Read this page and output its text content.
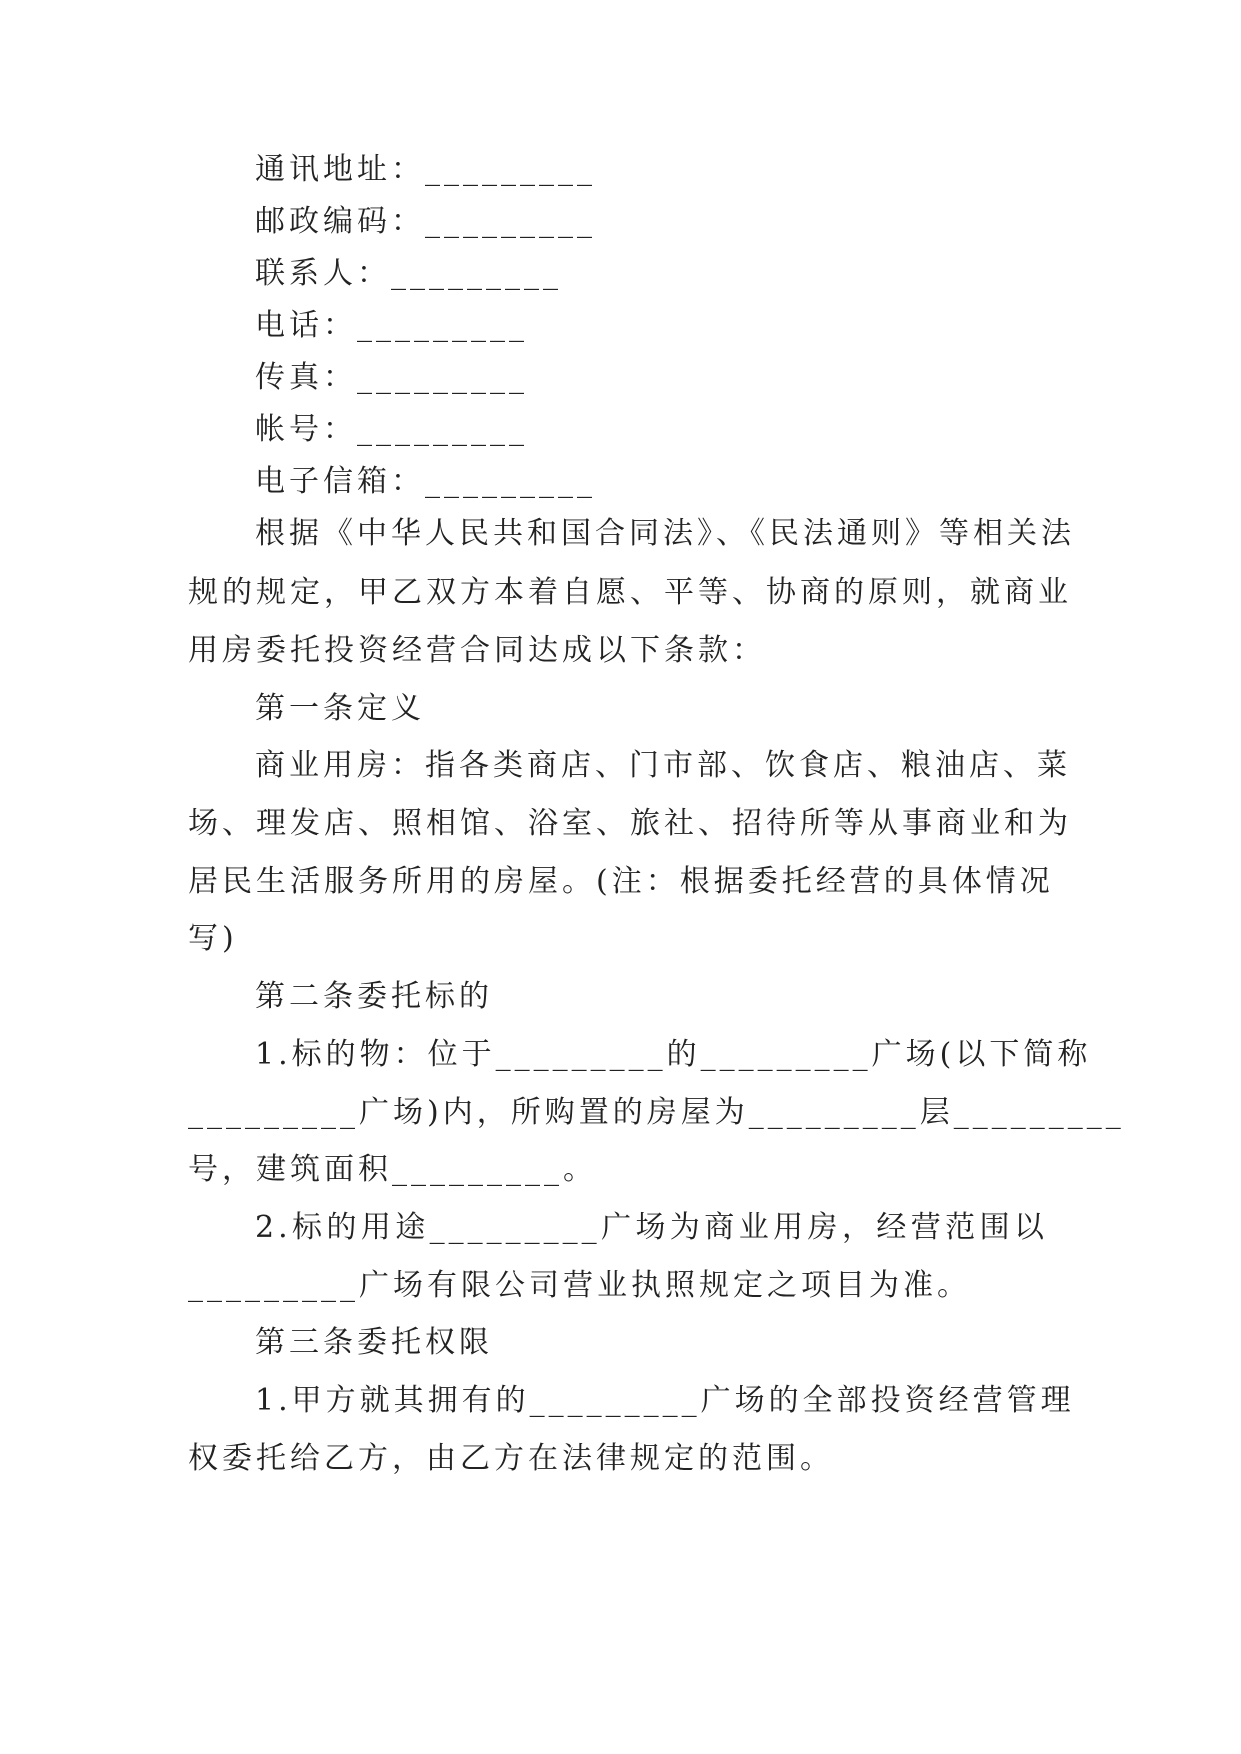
通讯地址：_________
邮政编码：_________
联系人：_________
电话：_________
传真：_________
帐号：_________
电子信箱：_________
根据《中华人民共和国合同法》、《民法通则》等相关法
规的规定，甲乙双方本着自愿、平等、协商的原则，就商业
用房委托投资经营合同达成以下条款：
第一条定义
商业用房：指各类商店、门市部、饮食店、粮油店、菜
场、理发店、照相馆、浴室、旅社、招待所等从事商业和为
居民生活服务所用的房屋。(注：根据委托经营的具体情况
写)
第二条委托标的
1.标的物：位于_________的_________广场(以下简称
_________广场)内，所购置的房屋为_________层_________
号，建筑面积_________。
2.标的用途_________广场为商业用房，经营范围以
_________广场有限公司营业执照规定之项目为准。
第三条委托权限
1.甲方就其拥有的_________广场的全部投资经营管理
权委托给乙方，由乙方在法律规定的范围。
